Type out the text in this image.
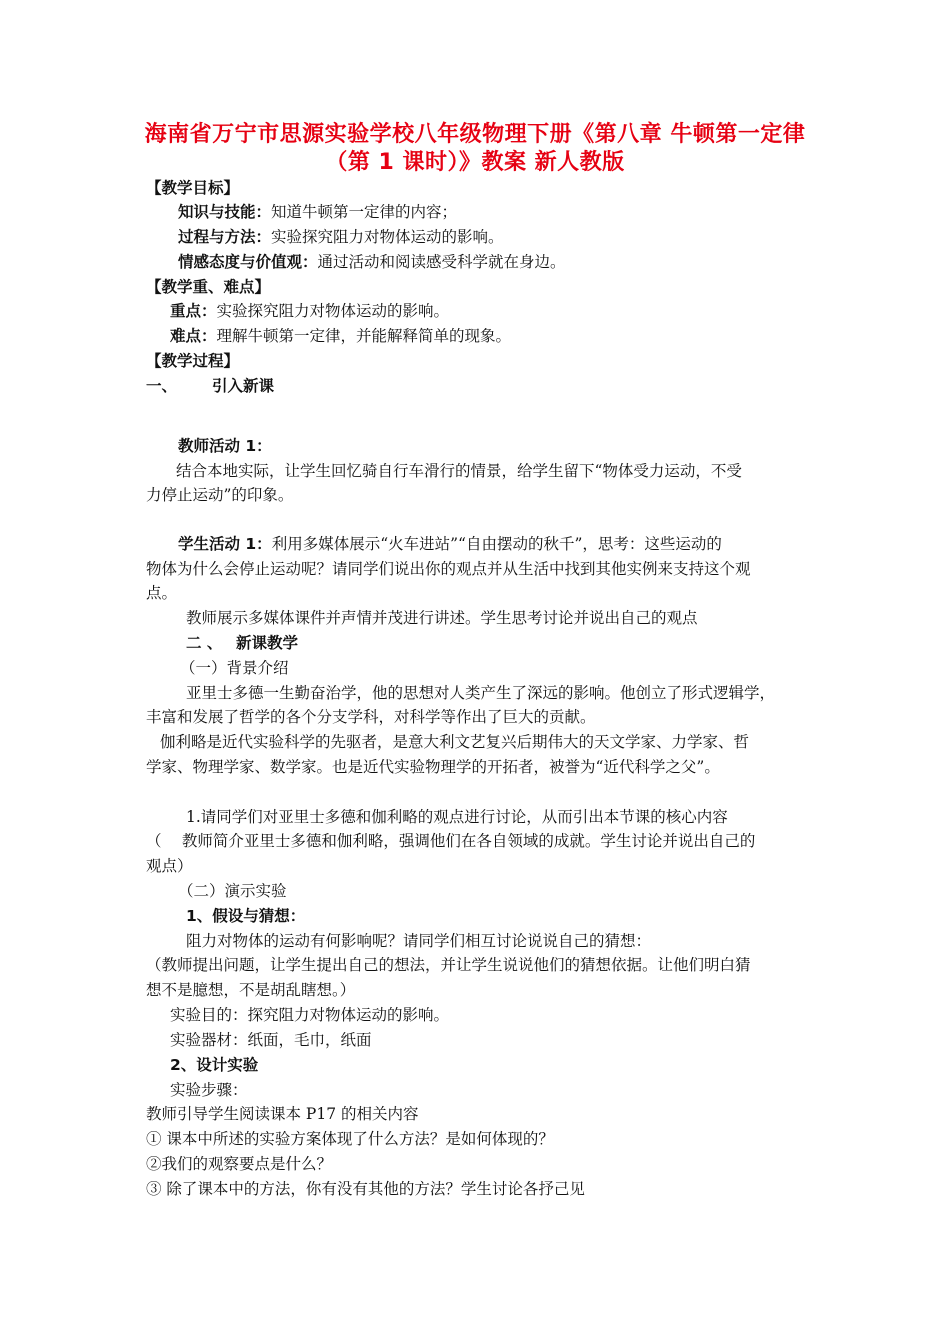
海南省万宁市思源实验学校八年级物理下册《第八章 牛顿第一定律
（第 1 课时）》教案 新人教版
【教学目标】
知识与技能：知道牛顿第一定律的内容；
过程与方法：实验探究阻力对物体运动的影响。
情感态度与价值观：通过活动和阅读感受科学就在身边。
【教学重、难点】
重点：实验探究阻力对物体运动的影响。
难点：理解牛顿第一定律，并能解释简单的现象。
【教学过程】
一、 引入新课
教师活动 1：
结合本地实际，让学生回忆骑自行车滑行的情景，给学生留下“物体受力运动，不受
力停止运动”的印象。
学生活动 1：利用多媒体展示“火车进站”“自由摆动的秋千”，思考：这些运动的
物体为什么会停止运动呢？请同学们说出你的观点并从生活中找到其他实例来支持这个观
点。
教师展示多媒体课件并声情并茂进行讲述。学生思考讨论并说出自己的观点
二 、 新课教学
（一）背景介绍
亚里士多德一生勤奋治学，他的思想对人类产生了深远的影响。他创立了形式逻辑学，
丰富和发展了哲学的各个分支学科，对科学等作出了巨大的贡献。
伽利略是近代实验科学的先驱者，是意大利文艺复兴后期伟大的天文学家、力学家、哲
学家、物理学家、数学家。也是近代实验物理学的开拓者，被誉为“近代科学之父”。
1.请同学们对亚里士多德和伽利略的观点进行讨论，从而引出本节课的核心内容
（　 教师简介亚里士多德和伽利略，强调他们在各自领域的成就。学生讨论并说出自己的
观点）
（二）演示实验
1、假设与猜想：
阻力对物体的运动有何影响呢？请同学们相互讨论说说自己的猜想：
（教师提出问题，让学生提出自己的想法，并让学生说说他们的猜想依据。让他们明白猜
想不是臆想，不是胡乱瞎想。）
实验目的：探究阻力对物体运动的影响。
实验器材：纸面，毛巾，纸面
2、设计实验
实验步骤：
教师引导学生阅读课本 P17 的相关内容
① 课本中所述的实验方案体现了什么方法？是如何体现的？
②我们的观察要点是什么？
③ 除了课本中的方法，你有没有其他的方法？学生讨论各抒己见
